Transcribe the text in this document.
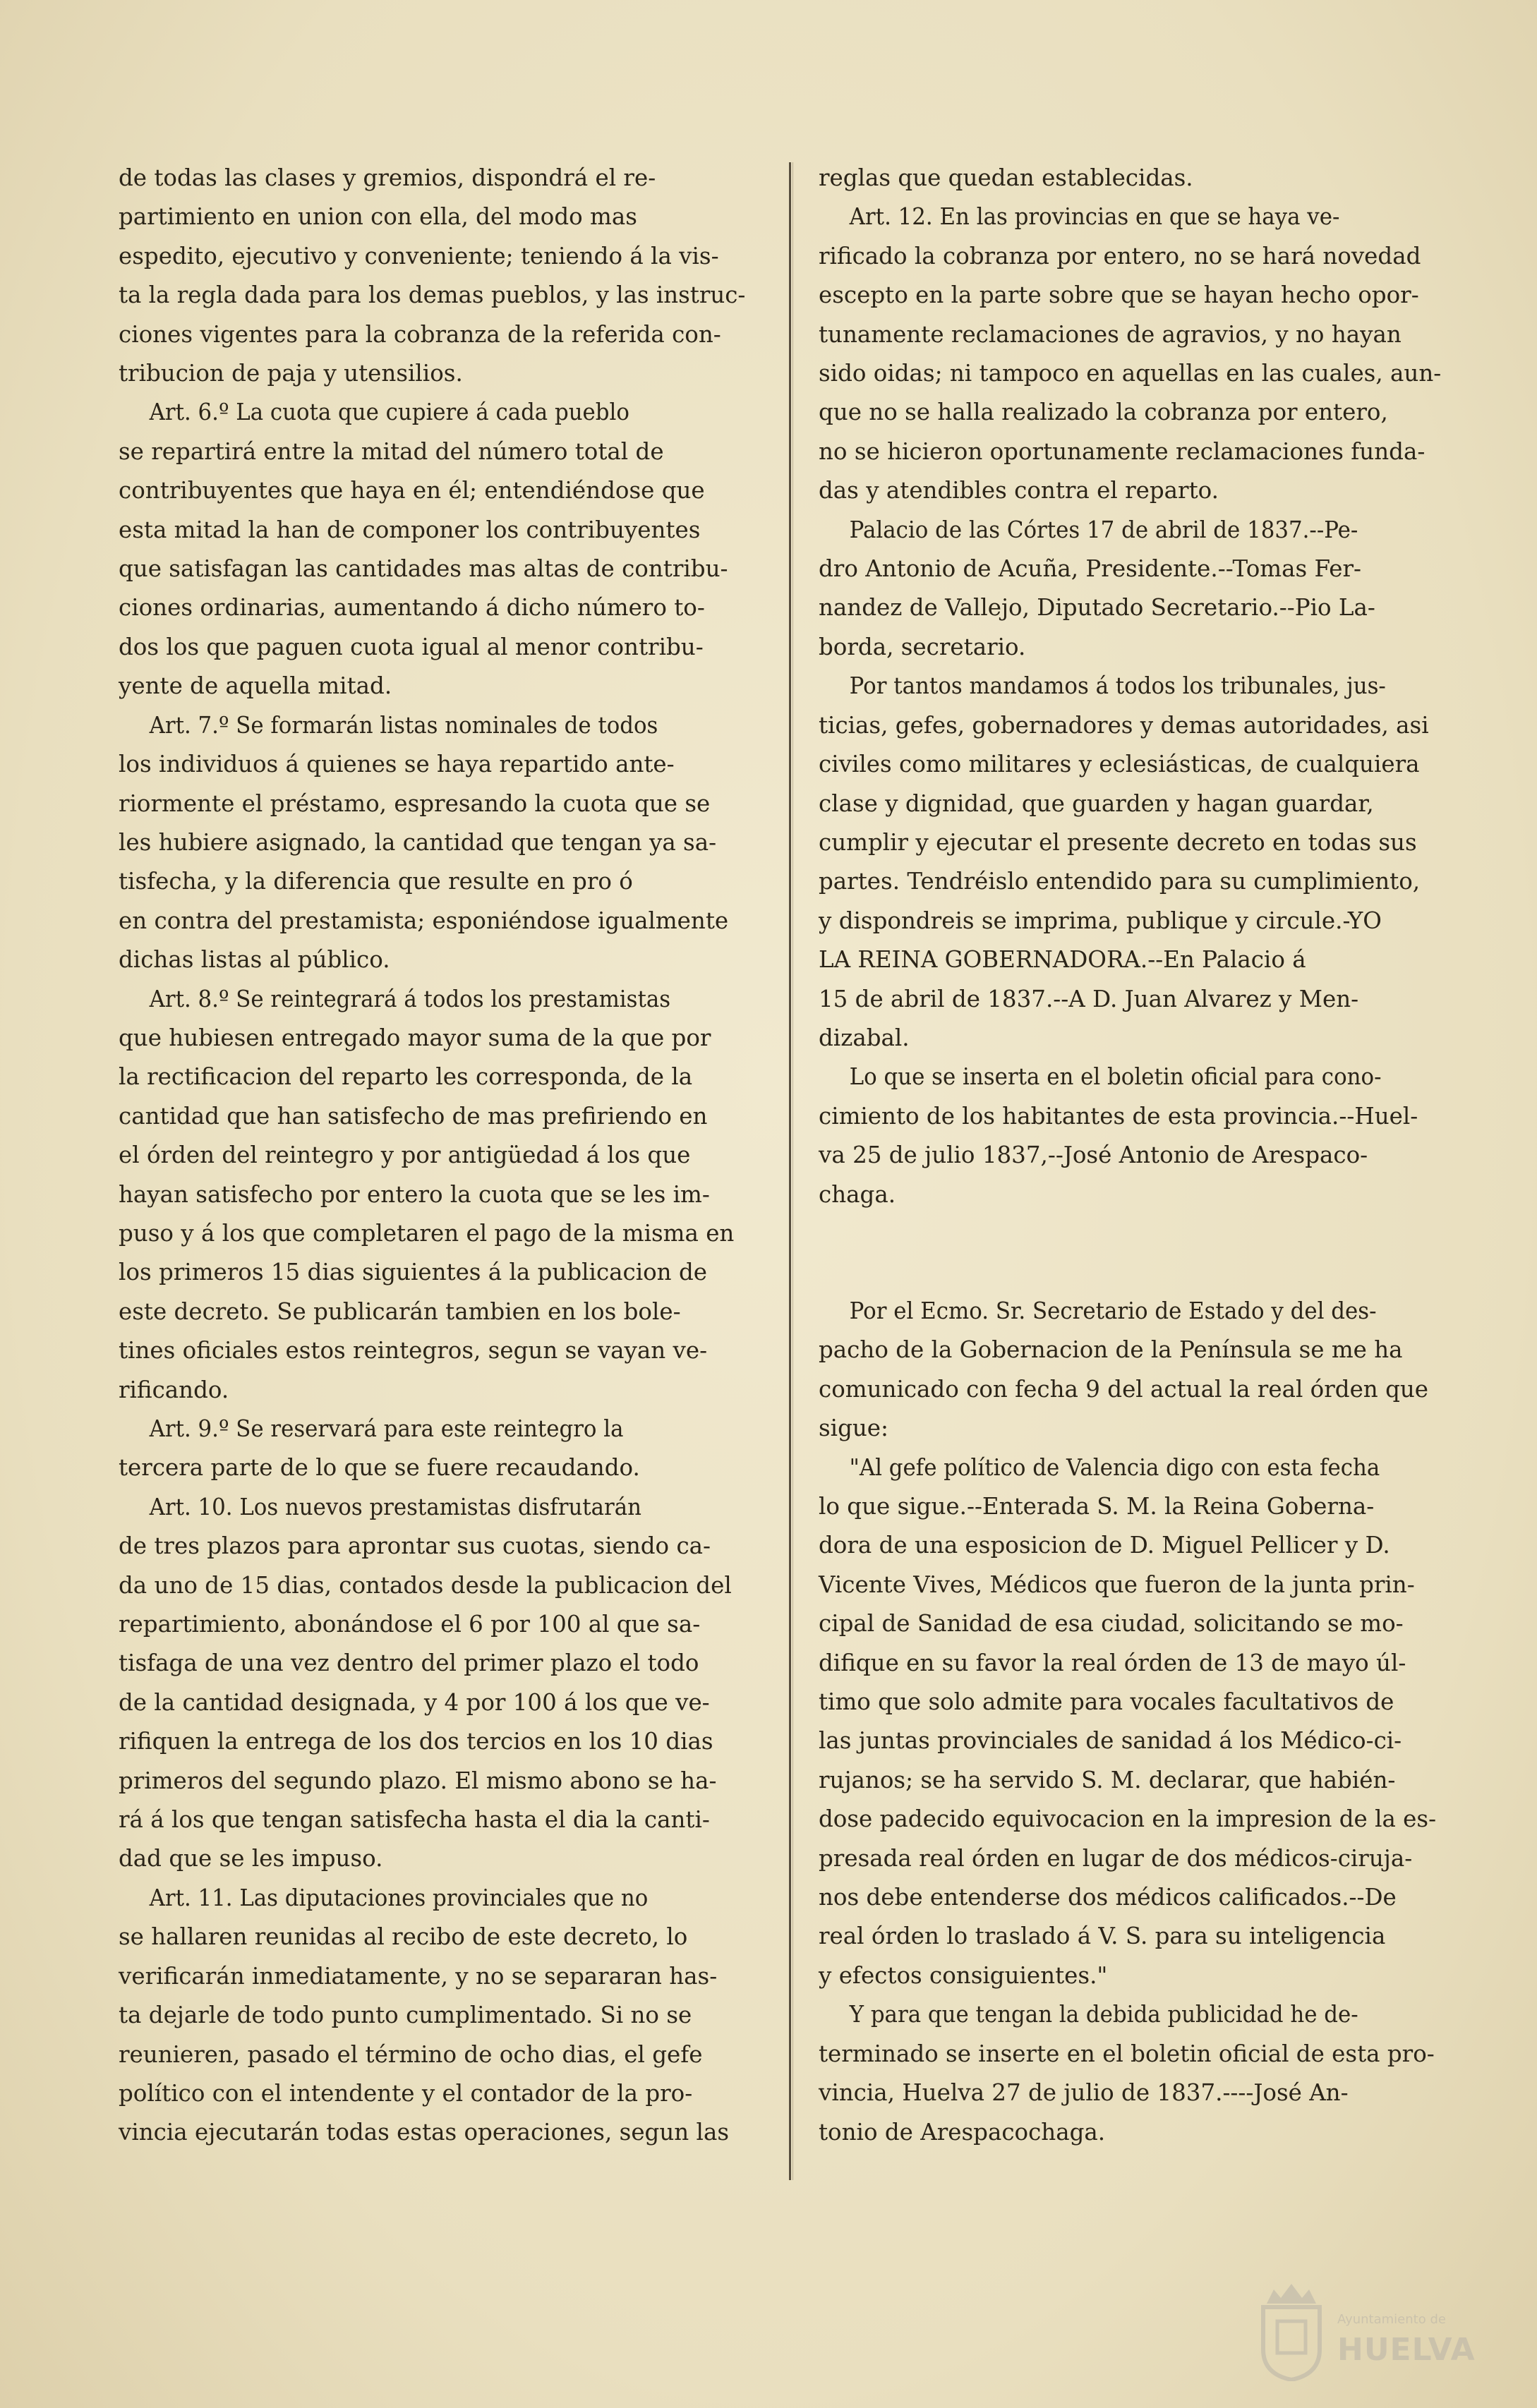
de todas las clases y gremios, dispondrá el re-
partimiento en union con ella, del modo mas
espedito, ejecutivo y conveniente; teniendo á la vis-
ta la regla dada para los demas pueblos, y las instruc-
ciones vigentes para la cobranza de la referida con-
tribucion de paja y utensilios.

Art. 6.º La cuota que cupiere á cada pueblo
se repartirá entre la mitad del número total de
contribuyentes que haya en él; entendiéndose que
esta mitad la han de componer los contribuyentes
que satisfagan las cantidades mas altas de contribu-
ciones ordinarias, aumentando á dicho número to-
dos los que paguen cuota igual al menor contribu-
yente de aquella mitad.

Art. 7.º Se formarán listas nominales de todos
los individuos á quienes se haya repartido ante-
riormente el préstamo, espresando la cuota que se
les hubiere asignado, la cantidad que tengan ya sa-
tisfecha, y la diferencia que resulte en pro ó
en contra del prestamista; esponiéndose igualmente
dichas listas al público.

Art. 8.º Se reintegrará á todos los prestamistas
que hubiesen entregado mayor suma de la que por
la rectificacion del reparto les corresponda, de la
cantidad que han satisfecho de mas prefiriendo en
el órden del reintegro y por antigüedad á los que
hayan satisfecho por entero la cuota que se les im-
puso y á los que completaren el pago de la misma en
los primeros 15 dias siguientes á la publicacion de
este decreto. Se publicarán tambien en los bole-
tines oficiales estos reintegros, segun se vayan ve-
rificando.

Art. 9.º Se reservará para este reintegro la
tercera parte de lo que se fuere recaudando.

Art. 10. Los nuevos prestamistas disfrutarán
de tres plazos para aprontar sus cuotas, siendo ca-
da uno de 15 dias, contados desde la publicacion del
repartimiento, abonándose el 6 por 100 al que sa-
tisfaga de una vez dentro del primer plazo el todo
de la cantidad designada, y 4 por 100 á los que ve-
rifiquen la entrega de los dos tercios en los 10 dias
primeros del segundo plazo. El mismo abono se ha-
rá á los que tengan satisfecha hasta el dia la canti-
dad que se les impuso.

Art. 11. Las diputaciones provinciales que no
se hallaren reunidas al recibo de este decreto, lo
verificarán inmediatamente, y no se separaran has-
ta dejarle de todo punto cumplimentado. Si no se
reunieren, pasado el término de ocho dias, el gefe
político con el intendente y el contador de la pro-
vincia ejecutarán todas estas operaciones, segun las

reglas que quedan establecidas.

Art. 12. En las provincias en que se haya ve-
rificado la cobranza por entero, no se hará novedad
escepto en la parte sobre que se hayan hecho opor-
tunamente reclamaciones de agravios, y no hayan
sido oidas; ni tampoco en aquellas en las cuales, aun-
que no se halla realizado la cobranza por entero,
no se hicieron oportunamente reclamaciones funda-
das y atendibles contra el reparto.

Palacio de las Córtes 17 de abril de 1837.--Pe-
dro Antonio de Acuña, Presidente.--Tomas Fer-
nandez de Vallejo, Diputado Secretario.--Pio La-
borda, secretario.

Por tantos mandamos á todos los tribunales, jus-
ticias, gefes, gobernadores y demas autoridades, asi
civiles como militares y eclesiásticas, de cualquiera
clase y dignidad, que guarden y hagan guardar,
cumplir y ejecutar el presente decreto en todas sus
partes. Tendréislo entendido para su cumplimiento,
y dispondreis se imprima, publique y circule.-YO
LA REINA GOBERNADORA.--En Palacio á
15 de abril de 1837.--A D. Juan Alvarez y Men-
dizabal.

Lo que se inserta en el boletin oficial para cono-
cimiento de los habitantes de esta provincia.--Huel-
va 25 de julio 1837,--José Antonio de Arespaco-
chaga.

Por el Ecmo. Sr. Secretario de Estado y del des-
pacho de la Gobernacion de la Península se me ha
comunicado con fecha 9 del actual la real órden que
sigue:

"Al gefe político de Valencia digo con esta fecha
lo que sigue.--Enterada S. M. la Reina Goberna-
dora de una esposicion de D. Miguel Pellicer y D.
Vicente Vives, Médicos que fueron de la junta prin-
cipal de Sanidad de esa ciudad, solicitando se mo-
difique en su favor la real órden de 13 de mayo úl-
timo que solo admite para vocales facultativos de
las juntas provinciales de sanidad á los Médico-ci-
rujanos; se ha servido S. M. declarar, que habién-
dose padecido equivocacion en la impresion de la es-
presada real órden en lugar de dos médicos-ciruja-
nos debe entenderse dos médicos calificados.--De
real órden lo traslado á V. S. para su inteligencia
y efectos consiguientes."

Y para que tengan la debida publicidad he de-
terminado se inserte en el boletin oficial de esta pro-
vincia, Huelva 27 de julio de 1837.----José An-
tonio de Arespacochaga.

Ayuntamiento de
HUELVA
